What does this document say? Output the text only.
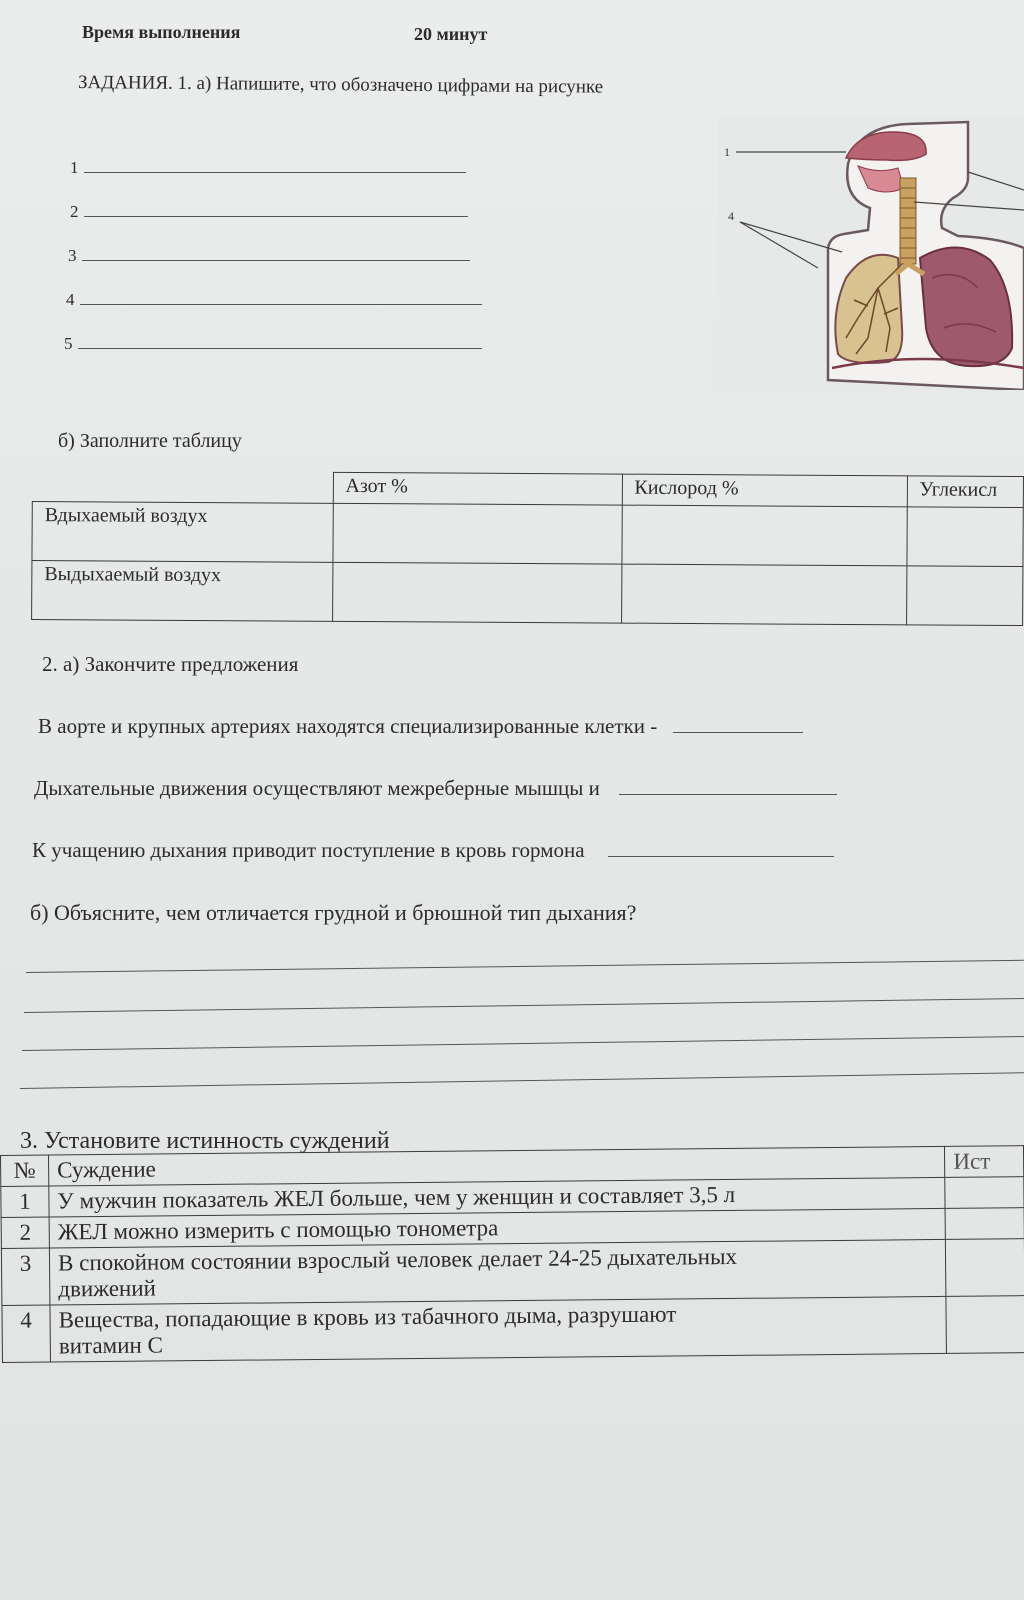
Время выполнения	20 минут
ЗАДАНИЯ. 1. а) Напишите, что обозначено цифрами на рисунке
1
2
3
4
5
1
4
б) Заполните таблицу
	Азот %	Кислород %	Углекисл
Вдыхаемый воздух			
Выдыхаемый воздух			
2. а) Закончите предложения
В аорте и крупных артериях находятся специализированные клетки -
Дыхательные движения осуществляют межреберные мышцы и
К учащению дыхания приводит поступление в кровь гормона
б) Объясните, чем отличается грудной и брюшной тип дыхания?
3. Установите истинность суждений
№	Суждение	Ист
1	У мужчин показатель ЖЕЛ больше, чем у женщин и составляет 3,5 л	
2	ЖЕЛ можно измерить с помощью тонометра	
3	В спокойном состоянии взрослый человек делает 24-25 дыхательных
движений	

4	Вещества, попадающие в кровь из табачного дыма, разрушают
витамин С	
